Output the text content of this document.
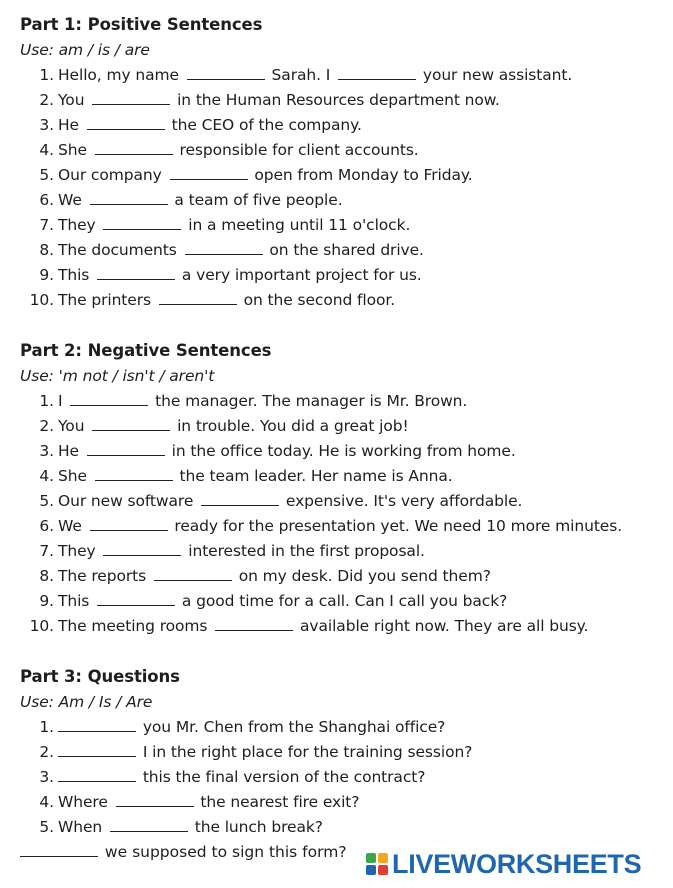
Part 1: Positive Sentences
Use: am / is / are
1. Hello, my name	Sarah. I	your new assistant.
2. You	in the Human Resources department now.
3. He	the CEO of the company.
4. She	responsible for client accounts.
5. Our company	open from Monday to Friday.
6. We	a team of five people.
7. They	in a meeting until 11 o'clock.
8. The documents	on the shared drive.
9. This	a very important project for us.
10. The printers	on the second floor.
Part 2: Negative Sentences
Use: 'm not / isn't / aren't
1. I	the manager. The manager is Mr. Brown.
2. You	in trouble. You did a great job!
3. He	in the office today. He is working from home.
4. She	the team leader. Her name is Anna.
5. Our new software	expensive. It's very affordable.
6. We	ready for the presentation yet. We need 10 more minutes.
7. They	interested in the first proposal.
8. The reports	on my desk. Did you send them?
9. This	a good time for a call. Can I call you back?
10. The meeting rooms	available right now. They are all busy.
Part 3: Questions
Use: Am / Is / Are
1.	you Mr. Chen from the Shanghai office?
2.	I in the right place for the training session?
3.	this the final version of the contract?
4. Where	the nearest fire exit?
5. When	the lunch break?
we supposed to sign this form? LIVEWORKSHEETS
